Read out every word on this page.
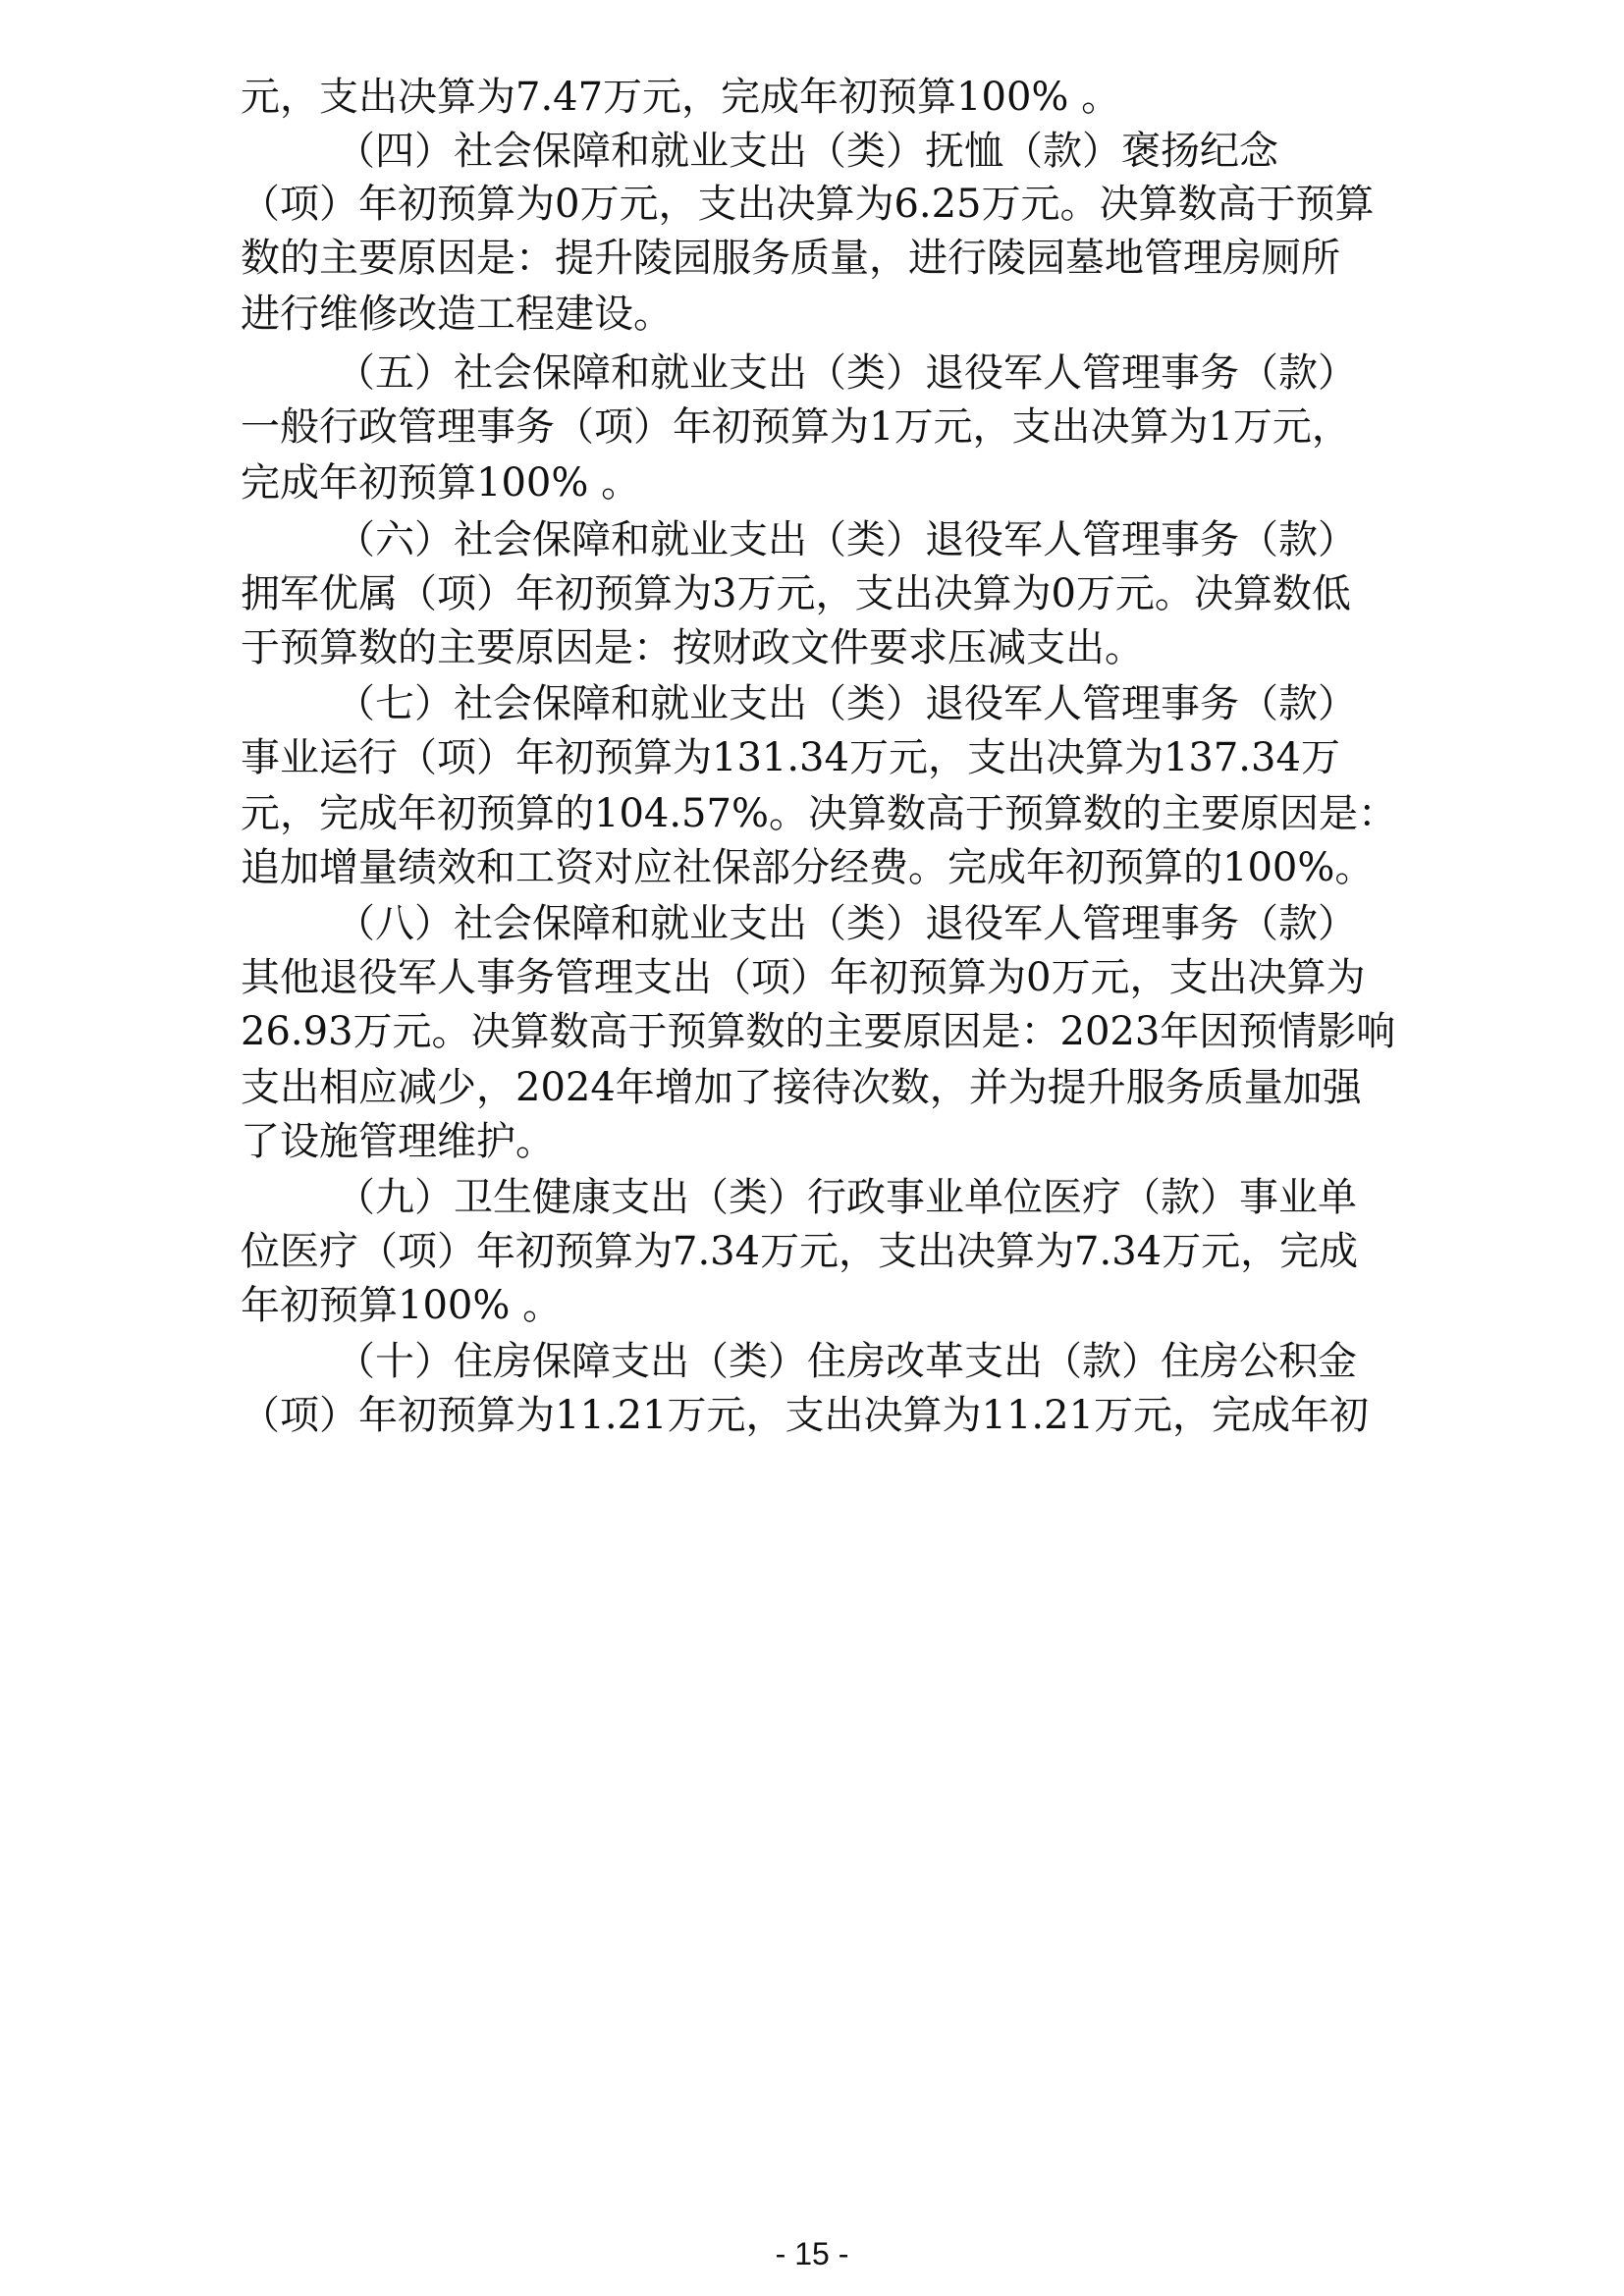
元，支出决算为7.47万元，完成年初预算100% 。
（四）社会保障和就业支出（类）抚恤（款）褒扬纪念
（项）年初预算为0万元，支出决算为6.25万元。决算数高于预算
数的主要原因是：提升陵园服务质量，进行陵园墓地管理房厕所
进行维修改造工程建设。
（五）社会保障和就业支出（类）退役军人管理事务（款）
一般行政管理事务（项）年初预算为1万元，支出决算为1万元，
完成年初预算100% 。
（六）社会保障和就业支出（类）退役军人管理事务（款）
拥军优属（项）年初预算为3万元，支出决算为0万元。决算数低
于预算数的主要原因是：按财政文件要求压减支出。
（七）社会保障和就业支出（类）退役军人管理事务（款）
事业运行（项）年初预算为131.34万元，支出决算为137.34万
元，完成年初预算的104.57%。决算数高于预算数的主要原因是：
追加增量绩效和工资对应社保部分经费。完成年初预算的100%。
（八）社会保障和就业支出（类）退役军人管理事务（款）
其他退役军人事务管理支出（项）年初预算为0万元，支出决算为
26.93万元。决算数高于预算数的主要原因是：2023年因预情影响
支出相应减少，2024年增加了接待次数，并为提升服务质量加强
了设施管理维护。
（九）卫生健康支出（类）行政事业单位医疗（款）事业单
位医疗（项）年初预算为7.34万元，支出决算为7.34万元，完成
年初预算100% 。
（十）住房保障支出（类）住房改革支出（款）住房公积金
（项）年初预算为11.21万元，支出决算为11.21万元，完成年初
- 15 -
